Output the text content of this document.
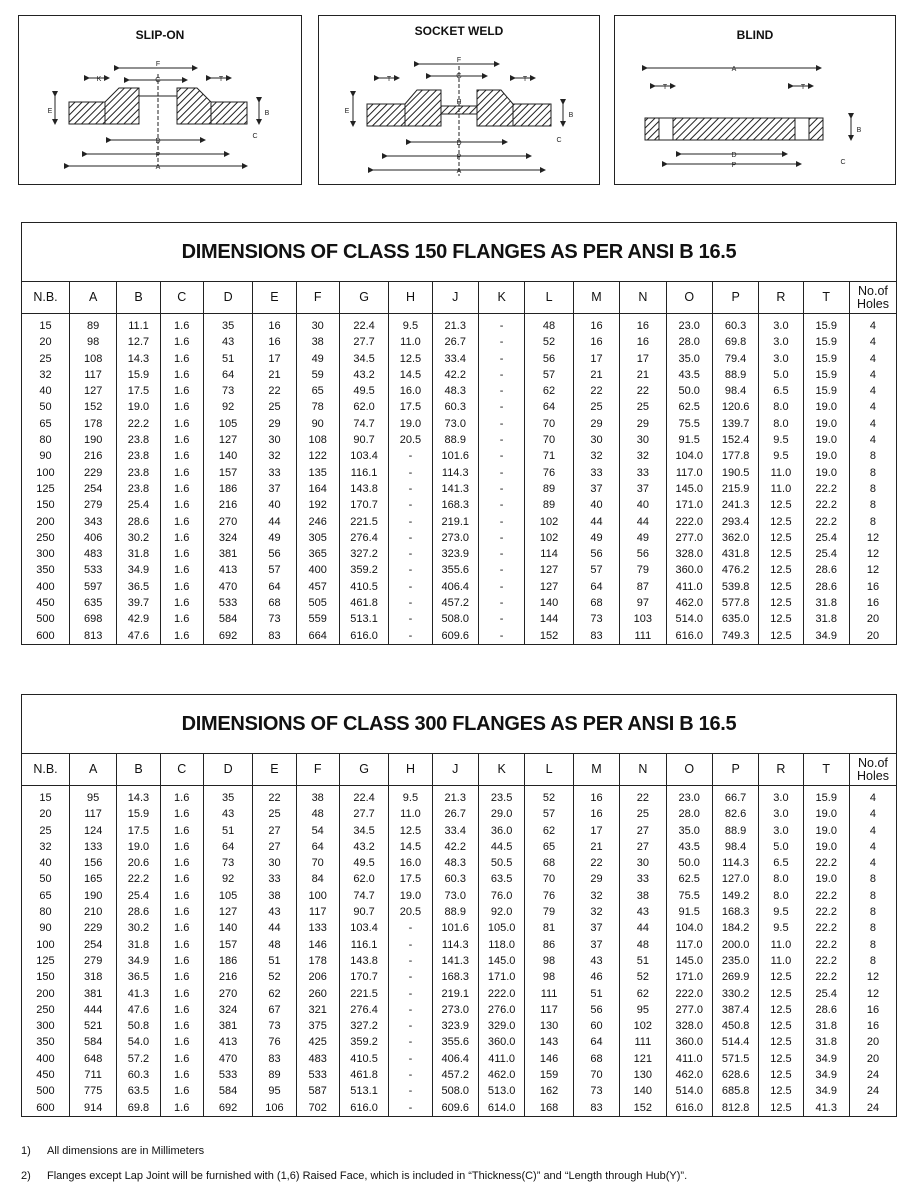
SLIP-ON
F
G
K	T
E	B
D
P
A
C
SOCKET WELD
F
G
T	T
H
E
B
D
P
A
C
BLIND
A
T	T
B
D
P	C
DIMENSIONS OF CLASS 150 FLANGES AS PER ANSI B 16.5
N.B.	A	B	C	D	E	F	G	H	J	K	L	M	N	O	P	R	T	No.of Holes
15	89	11.1	1.6	35	16	30	22.4	9.5	21.3	-	48	16	16	23.0	60.3	3.0	15.9	4
20	98	12.7	1.6	43	16	38	27.7	11.0	26.7	-	52	16	16	28.0	69.8	3.0	15.9	4
25	108	14.3	1.6	51	17	49	34.5	12.5	33.4	-	56	17	17	35.0	79.4	3.0	15.9	4
32	117	15.9	1.6	64	21	59	43.2	14.5	42.2	-	57	21	21	43.5	88.9	5.0	15.9	4
40	127	17.5	1.6	73	22	65	49.5	16.0	48.3	-	62	22	22	50.0	98.4	6.5	15.9	4
50	152	19.0	1.6	92	25	78	62.0	17.5	60.3	-	64	25	25	62.5	120.6	8.0	19.0	4
65	178	22.2	1.6	105	29	90	74.7	19.0	73.0	-	70	29	29	75.5	139.7	8.0	19.0	4
80	190	23.8	1.6	127	30	108	90.7	20.5	88.9	-	70	30	30	91.5	152.4	9.5	19.0	4
90	216	23.8	1.6	140	32	122	103.4	-	101.6	-	71	32	32	104.0	177.8	9.5	19.0	8
100	229	23.8	1.6	157	33	135	116.1	-	114.3	-	76	33	33	117.0	190.5	11.0	19.0	8
125	254	23.8	1.6	186	37	164	143.8	-	141.3	-	89	37	37	145.0	215.9	11.0	22.2	8
150	279	25.4	1.6	216	40	192	170.7	-	168.3	-	89	40	40	171.0	241.3	12.5	22.2	8
200	343	28.6	1.6	270	44	246	221.5	-	219.1	-	102	44	44	222.0	293.4	12.5	22.2	8
250	406	30.2	1.6	324	49	305	276.4	-	273.0	-	102	49	49	277.0	362.0	12.5	25.4	12
300	483	31.8	1.6	381	56	365	327.2	-	323.9	-	114	56	56	328.0	431.8	12.5	25.4	12
350	533	34.9	1.6	413	57	400	359.2	-	355.6	-	127	57	79	360.0	476.2	12.5	28.6	12
400	597	36.5	1.6	470	64	457	410.5	-	406.4	-	127	64	87	411.0	539.8	12.5	28.6	16
450	635	39.7	1.6	533	68	505	461.8	-	457.2	-	140	68	97	462.0	577.8	12.5	31.8	16
500	698	42.9	1.6	584	73	559	513.1	-	508.0	-	144	73	103	514.0	635.0	12.5	31.8	20
600	813	47.6	1.6	692	83	664	616.0	-	609.6	-	152	83	111	616.0	749.3	12.5	34.9	20
DIMENSIONS OF CLASS 300 FLANGES AS PER ANSI B 16.5
N.B.	A	B	C	D	E	F	G	H	J	K	L	M	N	O	P	R	T	No.of Holes
15	95	14.3	1.6	35	22	38	22.4	9.5	21.3	23.5	52	16	22	23.0	66.7	3.0	15.9	4
20	117	15.9	1.6	43	25	48	27.7	11.0	26.7	29.0	57	16	25	28.0	82.6	3.0	19.0	4
25	124	17.5	1.6	51	27	54	34.5	12.5	33.4	36.0	62	17	27	35.0	88.9	3.0	19.0	4
32	133	19.0	1.6	64	27	64	43.2	14.5	42.2	44.5	65	21	27	43.5	98.4	5.0	19.0	4
40	156	20.6	1.6	73	30	70	49.5	16.0	48.3	50.5	68	22	30	50.0	114.3	6.5	22.2	4
50	165	22.2	1.6	92	33	84	62.0	17.5	60.3	63.5	70	29	33	62.5	127.0	8.0	19.0	8
65	190	25.4	1.6	105	38	100	74.7	19.0	73.0	76.0	76	32	38	75.5	149.2	8.0	22.2	8
80	210	28.6	1.6	127	43	117	90.7	20.5	88.9	92.0	79	32	43	91.5	168.3	9.5	22.2	8
90	229	30.2	1.6	140	44	133	103.4	-	101.6	105.0	81	37	44	104.0	184.2	9.5	22.2	8
100	254	31.8	1.6	157	48	146	116.1	-	114.3	118.0	86	37	48	117.0	200.0	11.0	22.2	8
125	279	34.9	1.6	186	51	178	143.8	-	141.3	145.0	98	43	51	145.0	235.0	11.0	22.2	8
150	318	36.5	1.6	216	52	206	170.7	-	168.3	171.0	98	46	52	171.0	269.9	12.5	22.2	12
200	381	41.3	1.6	270	62	260	221.5	-	219.1	222.0	111	51	62	222.0	330.2	12.5	25.4	12
250	444	47.6	1.6	324	67	321	276.4	-	273.0	276.0	117	56	95	277.0	387.4	12.5	28.6	16
300	521	50.8	1.6	381	73	375	327.2	-	323.9	329.0	130	60	102	328.0	450.8	12.5	31.8	16
350	584	54.0	1.6	413	76	425	359.2	-	355.6	360.0	143	64	111	360.0	514.4	12.5	31.8	20
400	648	57.2	1.6	470	83	483	410.5	-	406.4	411.0	146	68	121	411.0	571.5	12.5	34.9	20
450	711	60.3	1.6	533	89	533	461.8	-	457.2	462.0	159	70	130	462.0	628.6	12.5	34.9	24
500	775	63.5	1.6	584	95	587	513.1	-	508.0	513.0	162	73	140	514.0	685.8	12.5	34.9	24
600	914	69.8	1.6	692	106	702	616.0	-	609.6	614.0	168	83	152	616.0	812.8	12.5	41.3	24
1) All dimensions are in Millimeters
2) Flanges except Lap Joint will be furnished with (1,6) Raised Face, which is included in “Thickness(C)” and “Length through Hub(Y)”.
